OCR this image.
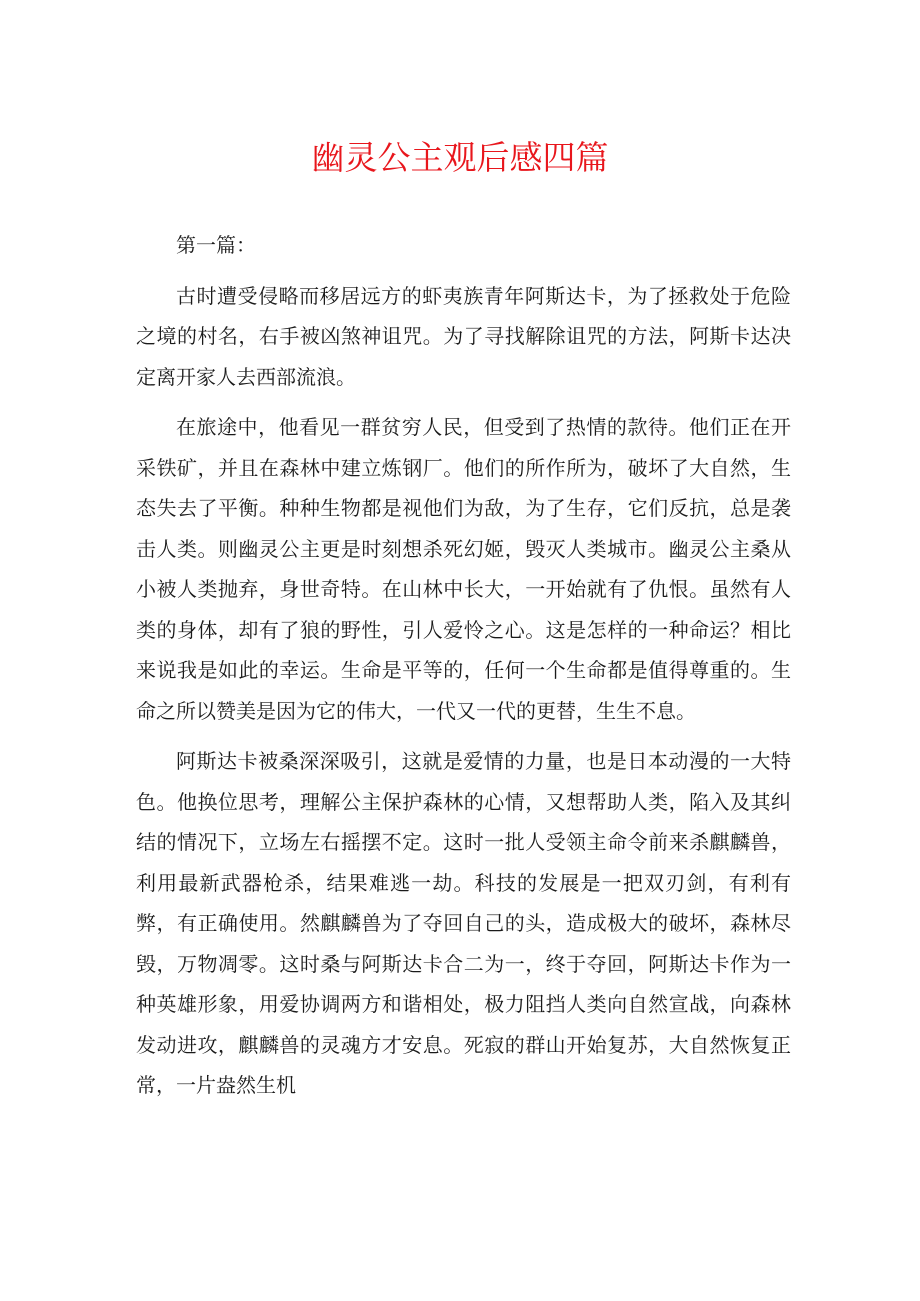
幽灵公主观后感四篇

第一篇：

古时遭受侵略而移居远方的虾夷族青年阿斯达卡，为了拯救处于危险之境的村名，右手被凶煞神诅咒。为了寻找解除诅咒的方法，阿斯卡达决定离开家人去西部流浪。

在旅途中，他看见一群贫穷人民，但受到了热情的款待。他们正在开采铁矿，并且在森林中建立炼钢厂。他们的所作所为，破坏了大自然，生态失去了平衡。种种生物都是视他们为敌，为了生存，它们反抗，总是袭击人类。则幽灵公主更是时刻想杀死幻姬，毁灭人类城市。幽灵公主桑从小被人类抛弃，身世奇特。在山林中长大，一开始就有了仇恨。虽然有人类的身体，却有了狼的野性，引人爱怜之心。这是怎样的一种命运？相比来说我是如此的幸运。生命是平等的，任何一个生命都是值得尊重的。生命之所以赞美是因为它的伟大，一代又一代的更替，生生不息。

阿斯达卡被桑深深吸引，这就是爱情的力量，也是日本动漫的一大特色。他换位思考，理解公主保护森林的心情，又想帮助人类，陷入及其纠结的情况下，立场左右摇摆不定。这时一批人受领主命令前来杀麒麟兽，利用最新武器枪杀，结果难逃一劫。科技的发展是一把双刃剑，有利有弊，有正确使用。然麒麟兽为了夺回自己的头，造成极大的破坏，森林尽毁，万物凋零。这时桑与阿斯达卡合二为一，终于夺回，阿斯达卡作为一种英雄形象，用爱协调两方和谐相处，极力阻挡人类向自然宣战，向森林发动进攻，麒麟兽的灵魂方才安息。死寂的群山开始复苏，大自然恢复正常，一片盎然生机
